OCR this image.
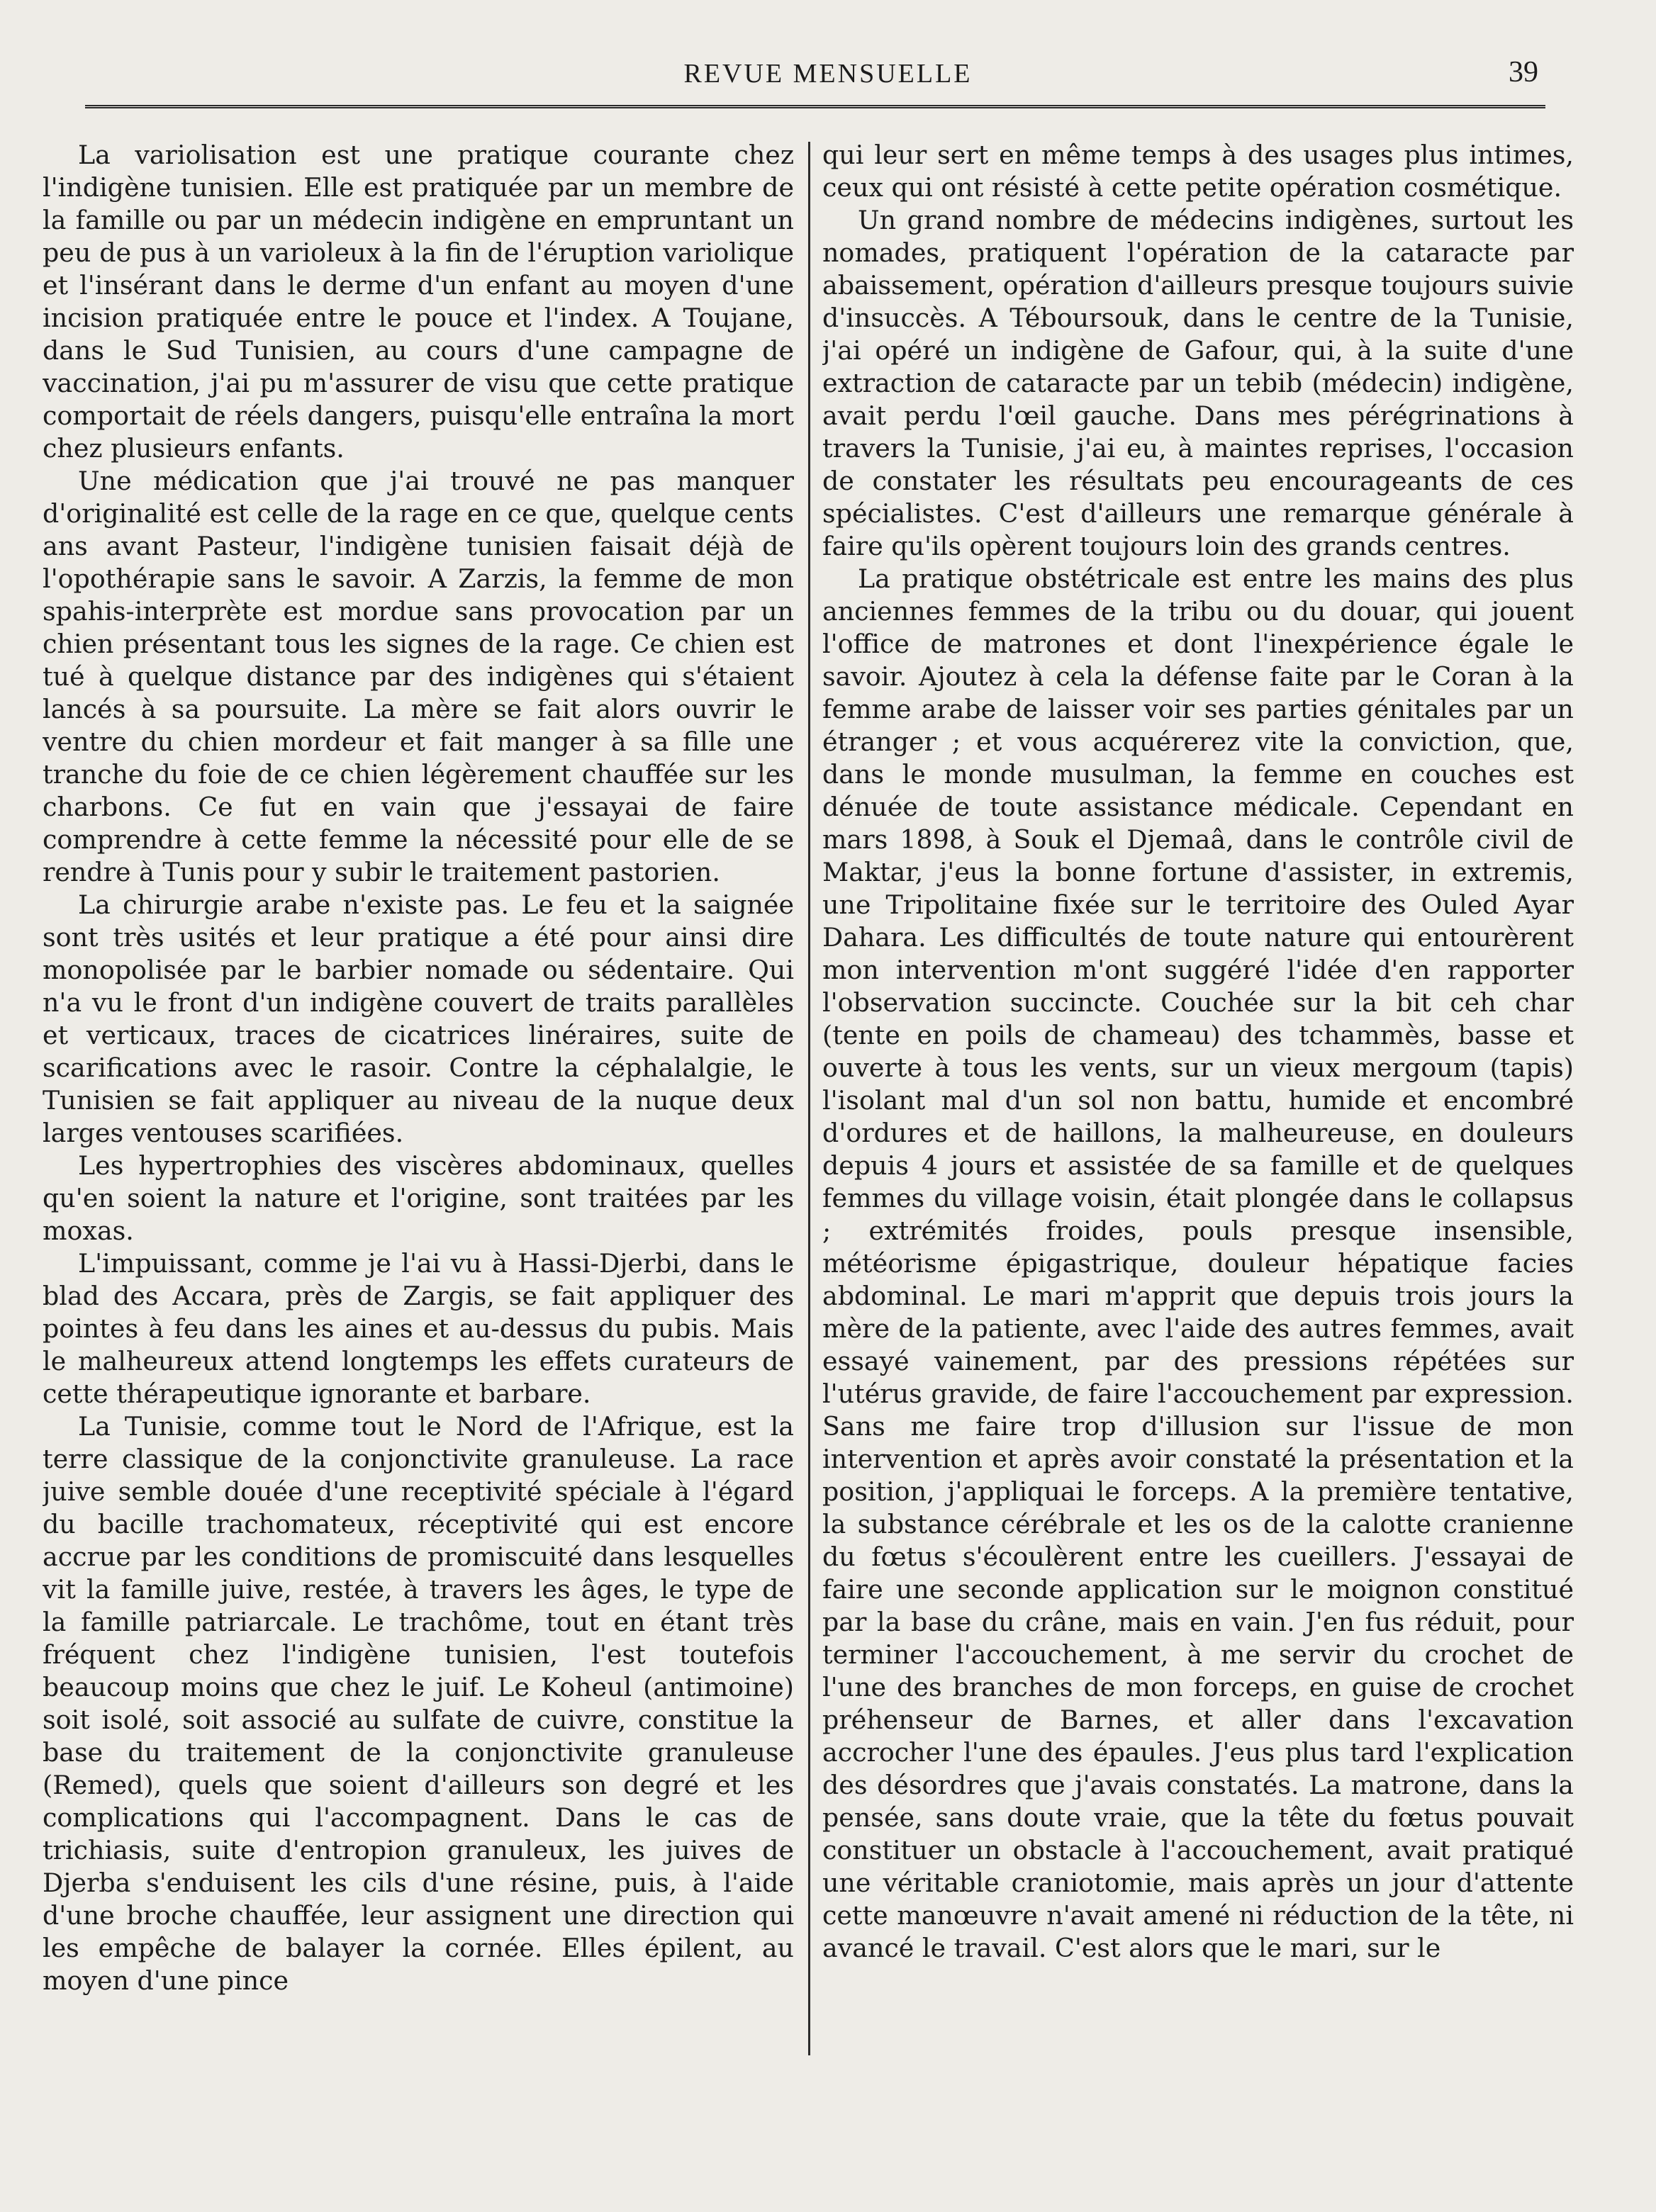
REVUE MENSUELLE	39

La variolisation est une pratique courante chez l'indigène tunisien. Elle est pratiquée par un membre de la famille ou par un médecin indigène en empruntant un peu de pus à un varioleux à la fin de l'éruption variolique et l'insérant dans le derme d'un enfant au moyen d'une incision pratiquée entre le pouce et l'index. A Toujane, dans le Sud Tunisien, au cours d'une campagne de vaccination, j'ai pu m'assurer de visu que cette pratique comportait de réels dangers, puisqu'elle entraîna la mort chez plusieurs enfants.

Une médication que j'ai trouvé ne pas manquer d'originalité est celle de la rage en ce que, quelque cents ans avant Pasteur, l'indigène tunisien faisait déjà de l'opothérapie sans le savoir. A Zarzis, la femme de mon spahis-interprète est mordue sans provocation par un chien présentant tous les signes de la rage. Ce chien est tué à quelque distance par des indigènes qui s'étaient lancés à sa poursuite. La mère se fait alors ouvrir le ventre du chien mordeur et fait manger à sa fille une tranche du foie de ce chien légèrement chauffée sur les charbons. Ce fut en vain que j'essayai de faire comprendre à cette femme la nécessité pour elle de se rendre à Tunis pour y subir le traitement pastorien.

La chirurgie arabe n'existe pas. Le feu et la saignée sont très usités et leur pratique a été pour ainsi dire monopolisée par le barbier nomade ou sédentaire. Qui n'a vu le front d'un indigène couvert de traits parallèles et verticaux, traces de cicatrices linéraires, suite de scarifications avec le rasoir. Contre la céphalalgie, le Tunisien se fait appliquer au niveau de la nuque deux larges ventouses scarifiées.

Les hypertrophies des viscères abdominaux, quelles qu'en soient la nature et l'origine, sont traitées par les moxas.

L'impuissant, comme je l'ai vu à Hassi-Djerbi, dans le blad des Accara, près de Zargis, se fait appliquer des pointes à feu dans les aines et au-dessus du pubis. Mais le malheureux attend longtemps les effets curateurs de cette thérapeutique ignorante et barbare.

La Tunisie, comme tout le Nord de l'Afrique, est la terre classique de la conjonctivite granuleuse. La race juive semble douée d'une receptivité spéciale à l'égard du bacille trachomateux, réceptivité qui est encore accrue par les conditions de promiscuité dans lesquelles vit la famille juive, restée, à travers les âges, le type de la famille patriarcale. Le trachôme, tout en étant très fréquent chez l'indigène tunisien, l'est toutefois beaucoup moins que chez le juif. Le Koheul (antimoine) soit isolé, soit associé au sulfate de cuivre, constitue la base du traitement de la conjonctivite granuleuse (Remed), quels que soient d'ailleurs son degré et les complications qui l'accompagnent. Dans le cas de trichiasis, suite d'entropion granuleux, les juives de Djerba s'enduisent les cils d'une résine, puis, à l'aide d'une broche chauffée, leur assignent une direction qui les empêche de balayer la cornée. Elles épilent, au moyen d'une pince

qui leur sert en même temps à des usages plus intimes, ceux qui ont résisté à cette petite opération cosmétique.

Un grand nombre de médecins indigènes, surtout les nomades, pratiquent l'opération de la cataracte par abaissement, opération d'ailleurs presque toujours suivie d'insuccès. A Téboursouk, dans le centre de la Tunisie, j'ai opéré un indigène de Gafour, qui, à la suite d'une extraction de cataracte par un tebib (médecin) indigène, avait perdu l'œil gauche. Dans mes pérégrinations à travers la Tunisie, j'ai eu, à maintes reprises, l'occasion de constater les résultats peu encourageants de ces spécialistes. C'est d'ailleurs une remarque générale à faire qu'ils opèrent toujours loin des grands centres.

La pratique obstétricale est entre les mains des plus anciennes femmes de la tribu ou du douar, qui jouent l'office de matrones et dont l'inexpérience égale le savoir. Ajoutez à cela la défense faite par le Coran à la femme arabe de laisser voir ses parties génitales par un étranger ; et vous acquérerez vite la conviction, que, dans le monde musulman, la femme en couches est dénuée de toute assistance médicale. Cependant en mars 1898, à Souk el Djemaâ, dans le contrôle civil de Maktar, j'eus la bonne fortune d'assister, in extremis, une Tripolitaine fixée sur le territoire des Ouled Ayar Dahara. Les difficultés de toute nature qui entourèrent mon intervention m'ont suggéré l'idée d'en rapporter l'observation succincte. Couchée sur la bit ceh char (tente en poils de chameau) des tchammès, basse et ouverte à tous les vents, sur un vieux mergoum (tapis) l'isolant mal d'un sol non battu, humide et encombré d'ordures et de haillons, la malheureuse, en douleurs depuis 4 jours et assistée de sa famille et de quelques femmes du village voisin, était plongée dans le collapsus ; extrémités froides, pouls presque insensible, météorisme épigastrique, douleur hépatique facies abdominal. Le mari m'apprit que depuis trois jours la mère de la patiente, avec l'aide des autres femmes, avait essayé vainement, par des pressions répétées sur l'utérus gravide, de faire l'accouchement par expression. Sans me faire trop d'illusion sur l'issue de mon intervention et après avoir constaté la présentation et la position, j'appliquai le forceps. A la première tentative, la substance cérébrale et les os de la calotte cranienne du fœtus s'écoulèrent entre les cueillers. J'essayai de faire une seconde application sur le moignon constitué par la base du crâne, mais en vain. J'en fus réduit, pour terminer l'accouchement, à me servir du crochet de l'une des branches de mon forceps, en guise de crochet préhenseur de Barnes, et aller dans l'excavation accrocher l'une des épaules. J'eus plus tard l'explication des désordres que j'avais constatés. La matrone, dans la pensée, sans doute vraie, que la tête du fœtus pouvait constituer un obstacle à l'accouchement, avait pratiqué une véritable craniotomie, mais après un jour d'attente cette manœuvre n'avait amené ni réduction de la tête, ni avancé le travail. C'est alors que le mari, sur le
